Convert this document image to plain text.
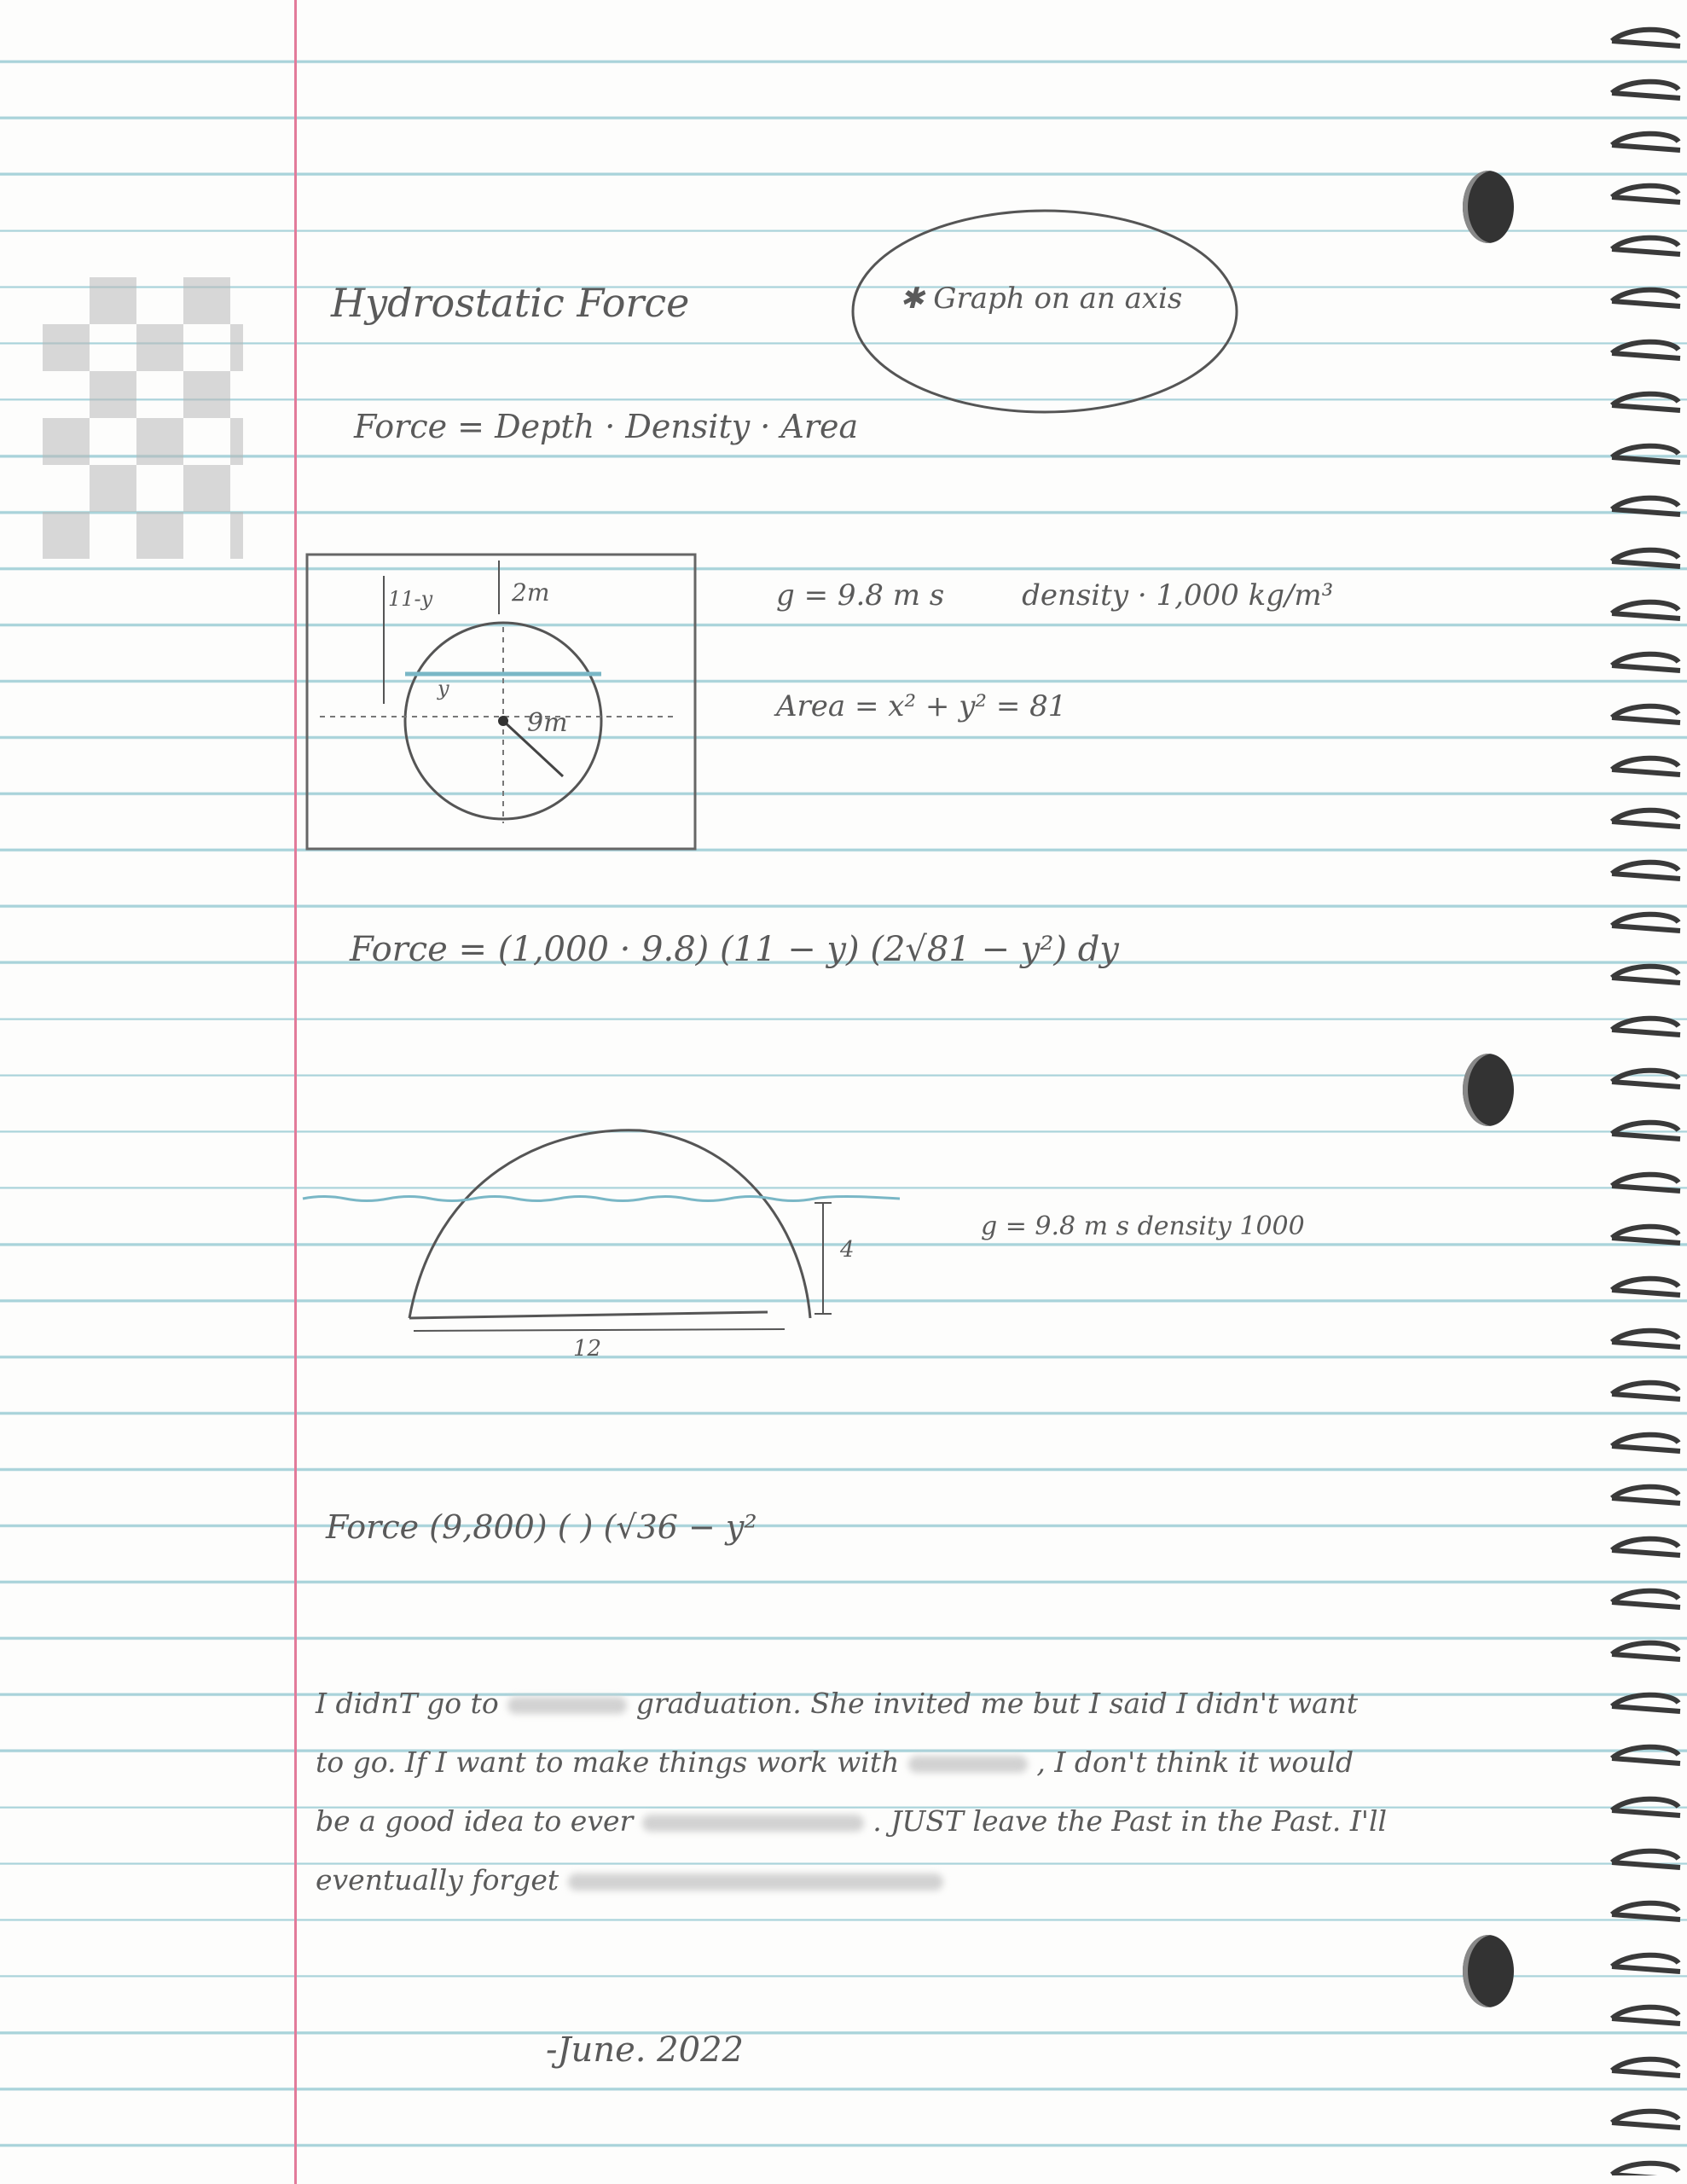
Hydrostatic Force	✱ Graph on an axis
Force = Depth · Density · Area
11-y	2m
y
9m
g = 9.8 m s	density · 1,000 kg/m³
Area = x² + y² = 81
Force = (1,000 · 9.8) (11 − y) (2√81 − y²) dy
4
12
g = 9.8 m s density 1000
Force (9,800) ( ) (√36 − y²
I didnT go to	graduation. She invited me but I said I didn't want to go. If I want to make things work with	, I don't think it would be a good idea to ever	. JUST leave the Past in the Past. I'll eventually forget
-June. 2022
